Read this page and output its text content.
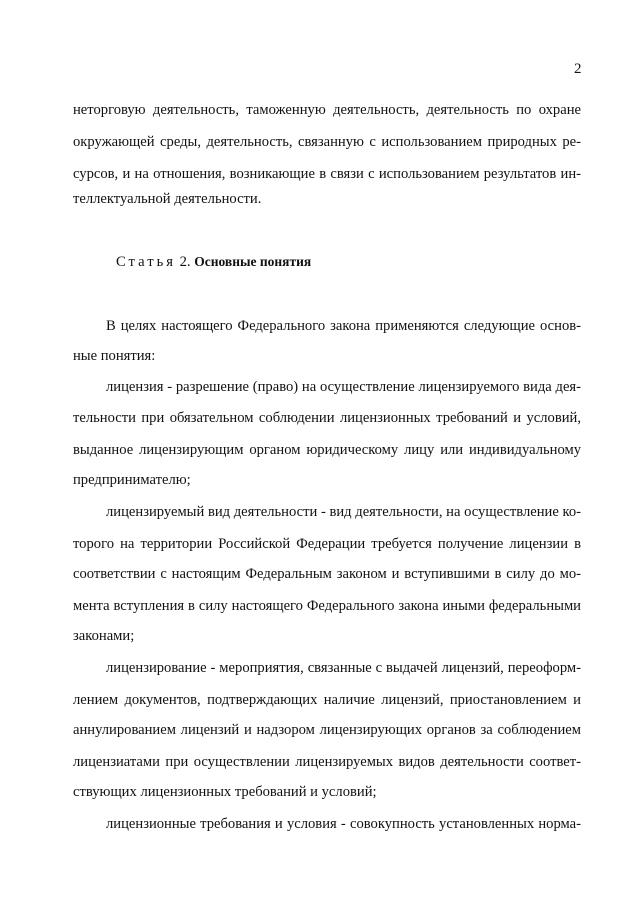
2
неторговую деятельность, таможенную деятельность, деятельность по охране
окружающей среды, деятельность, связанную с использованием природных ре-
сурсов, и на отношения, возникающие в связи с использованием результатов ин-
теллектуальной деятельности.
Статья 2. Основные понятия
В целях настоящего Федерального закона применяются следующие основ-
ные понятия:
лицензия - разрешение (право) на осуществление лицензируемого вида дея-
тельности при обязательном соблюдении лицензионных требований и условий,
выданное лицензирующим органом юридическому лицу или индивидуальному
предпринимателю;
лицензируемый вид деятельности - вид деятельности, на осуществление ко-
торого на территории Российской Федерации требуется получение лицензии в
соответствии с настоящим Федеральным законом и вступившими в силу до мо-
мента вступления в силу настоящего Федерального закона иными федеральными
законами;
лицензирование - мероприятия, связанные с выдачей лицензий, переоформ-
лением документов, подтверждающих наличие лицензий, приостановлением и
аннулированием лицензий и надзором лицензирующих органов за соблюдением
лицензиатами при осуществлении лицензируемых видов деятельности соответ-
ствующих лицензионных требований и условий;
лицензионные требования и условия - совокупность установленных норма-
